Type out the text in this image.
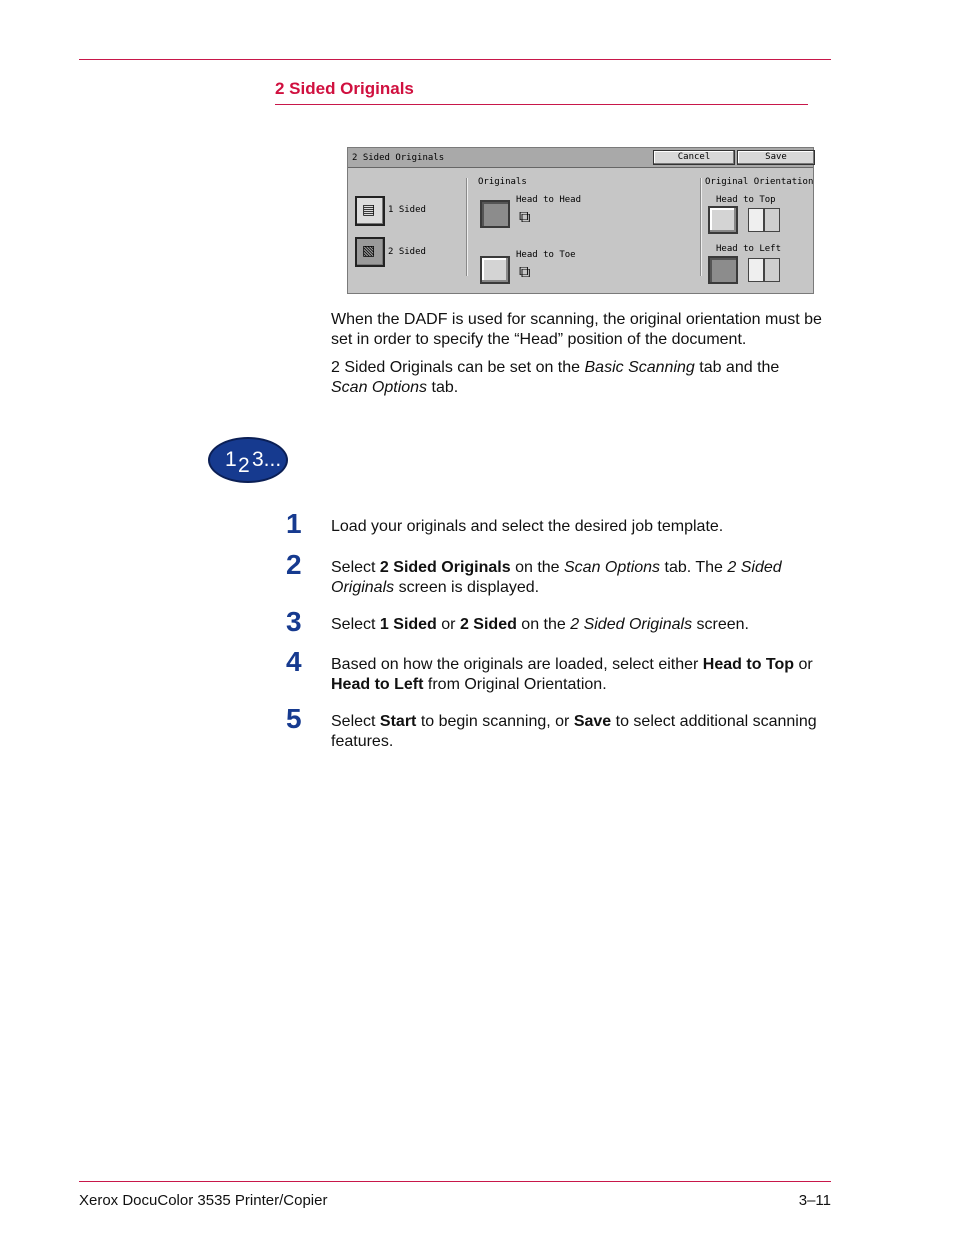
2 Sided Originals
2 Sided Originals	Cancel	Save
▤ 1 Sided
▧ 2 Sided
Originals
Head to Head
⧉
Head to Toe
⧉
Original Orientation
Head to Top
Head to Left
When the DADF is used for scanning, the original orientation must be set in order to specify the “Head” position of the document.
2 Sided Originals can be set on the Basic Scanning tab and the
Scan Options tab.
1 2 3...
1 Load your originals and select the desired job template.
2 Select 2 Sided Originals on the Scan Options tab. The 2 Sided Originals screen is displayed.
3 Select 1 Sided or 2 Sided on the 2 Sided Originals screen.
4 Based on how the originals are loaded, select either Head to Top or Head to Left from Original Orientation.
5 Select Start to begin scanning, or Save to select additional scanning features.
Xerox DocuColor 3535 Printer/Copier	3–11
